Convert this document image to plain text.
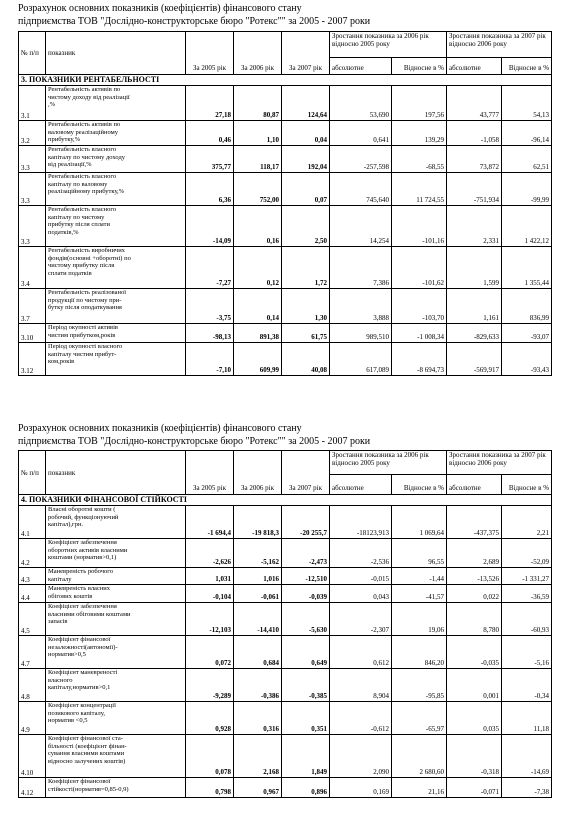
Розрахунок основних показників (коефіцієнтів) фінансового стану

підприємства ТОВ "Дослідно-конструкторське бюро "Ротекс"" за 2005 - 2007 роки

№ п/п	показник	За 2005 рік	За 2006 рік	За 2007 рік	Зростання показника за 2006 рік відносно 2005 року		Зростання показника за 2007 рік відносно 2006 року	
					абсолютне	Відносне в %	абсолютне	Відносне в %
3. ПОКАЗНИКИ РЕНТАБЕЛЬНОСТІ								
3.1	Рентабельність активів по
чистому доходу від реалізації
,%	27,18	80,87	124,64	53,690	197,56	43,777	54,13
3.2	Рентабельність активів по
валовому реалізаційному
прибутку,%	0,46	1,10	0,04	0,641	139,29	-1,058	-96,14
3.3	Рентабельність власного
капіталу по чистому доходу
від реалізації,%	375,77	118,17	192,04	-257,598	-68,55	73,872	62,51
3.3	Рентабельність власного
капіталу по валовому
реалізаційному прибутку,%	6,36	752,00	0,07	745,640	11 724,55	-751,934	-99,99
3.3	Рентабельність власного
капіталу по чистому
прибутку після сплати
податків,%	-14,09	0,16	2,50	14,254	-101,16	2,331	1 422,12
3.4	Рентабельність виробничих
фондів(основні +оборотні) по
чистому прибутку після
сплати податків	-7,27	0,12	1,72	7,386	-101,62	1,599	1 355,44
3.7	Рентабельність реалізованої
продукції по чистому при-
бутку після оподаткування	-3,75	0,14	1,30	3,888	-103,70	1,161	836,99
3.10	Період окупності активів
чистим прибутком,років	-98,13	891,38	61,75	989,510	-1 008,34	-829,633	-93,07
3.12	Період окупності власного
капіталу чистим прибут-
ком,років	-7,10	609,99	40,08	617,089	-8 694,73	-569,917	-93,43

Розрахунок основних показників (коефіцієнтів) фінансового стану

підприємства ТОВ "Дослідно-конструкторське бюро "Ротекс"" за 2005 - 2007 роки

№ п/п	показник	За 2005 рік	За 2006 рік	За 2007 рік	Зростання показника за 2006 рік відносно 2005 року		Зростання показника за 2007 рік відносно 2006 року	
					абсолютне	Відносне в %	абсолютне	Відносне в %
4. ПОКАЗНИКИ ФІНАНСОВОЇ СТІЙКОСТІ								
4.1	Власні оборотні кошти (
робочий, функціонуючий
капітал),грн.	-1 694,4	-19 818,3	-20 255,7	-18123,913	1 069,64	-437,375	2,21
4.2	Коефіцієнт забезпечення
оборотних активів власними
коштами (норматив>0,1)	-2,626	-5,162	-2,473	-2,536	96,55	2,689	-52,09
4.3	Маневреність робочого
капіталу	1,031	1,016	-12,510	-0,015	-1,44	-13,526	-1 331,27
4.4	Маневреність власних
обігових коштів	-0,104	-0,061	-0,039	0,043	-41,57	0,022	-36,59
4.5	Коефіцієнт забезпечення
власними обіговими коштами
запасів	-12,103	-14,410	-5,630	-2,307	19,06	8,780	-60,93
4.7	Коефіцієнт фінансової
незалежності(автономії)-
норматив>0,5	0,072	0,684	0,649	0,612	846,20	-0,035	-5,16
4.8	Коефіцієнт маневреності
власного
капіталу,норматив>0,1	-9,289	-0,386	-0,385	8,904	-95,85	0,001	-0,34
4.9	Коефіцієнт концентрації
позикового капіталу,
норматив <0,5	0,928	0,316	0,351	-0,612	-65,97	0,035	11,18
4.10	Коефіцієнт фінансової ста-
більності (коефіцієнт фінан-
сування власними коштами
відносно залучених коштів)	0,078	2,168	1,849	2,090	2 680,60	-0,318	-14,69
4.12	Коефіцієнт фінансової
стійкості(норматив=0,85-0,9)	0,798	0,967	0,896	0,169	21,16	-0,071	-7,38
